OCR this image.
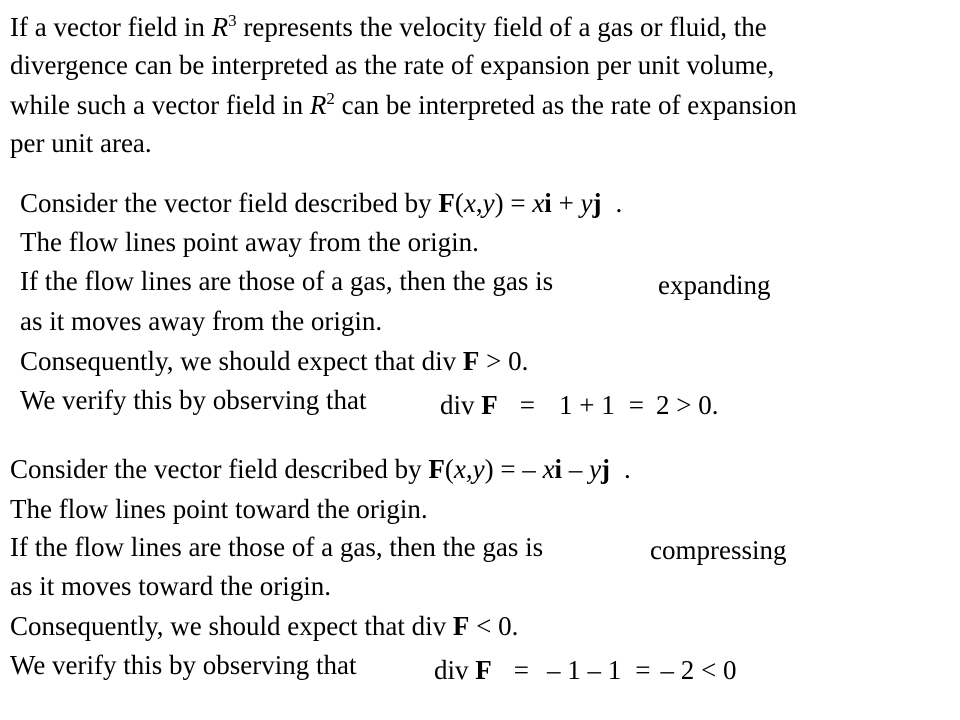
If a vector field in $R^3$ represents the velocity field of a gas or fluid, the
divergence can be interpreted as the rate of expansion per unit volume,
while such a vector field in $R^2$ can be interpreted as the rate of expansion
per unit area.
Consider the vector field described by F(x,y) = xi + yj .
The flow lines point away from the origin.
If the flow lines are those of a gas, then the gas is	expanding
as it moves away from the origin.
Consequently, we should expect that div F > 0.
We verify this by observing that	div F = 1 + 1 = 2 > 0.
Consider the vector field described by F(x,y) = – xi – yj .
The flow lines point toward the origin.
If the flow lines are those of a gas, then the gas is	compressing
as it moves toward the origin.
Consequently, we should expect that div F < 0.
We verify this by observing that	div F = – 1 – 1 = – 2 < 0
